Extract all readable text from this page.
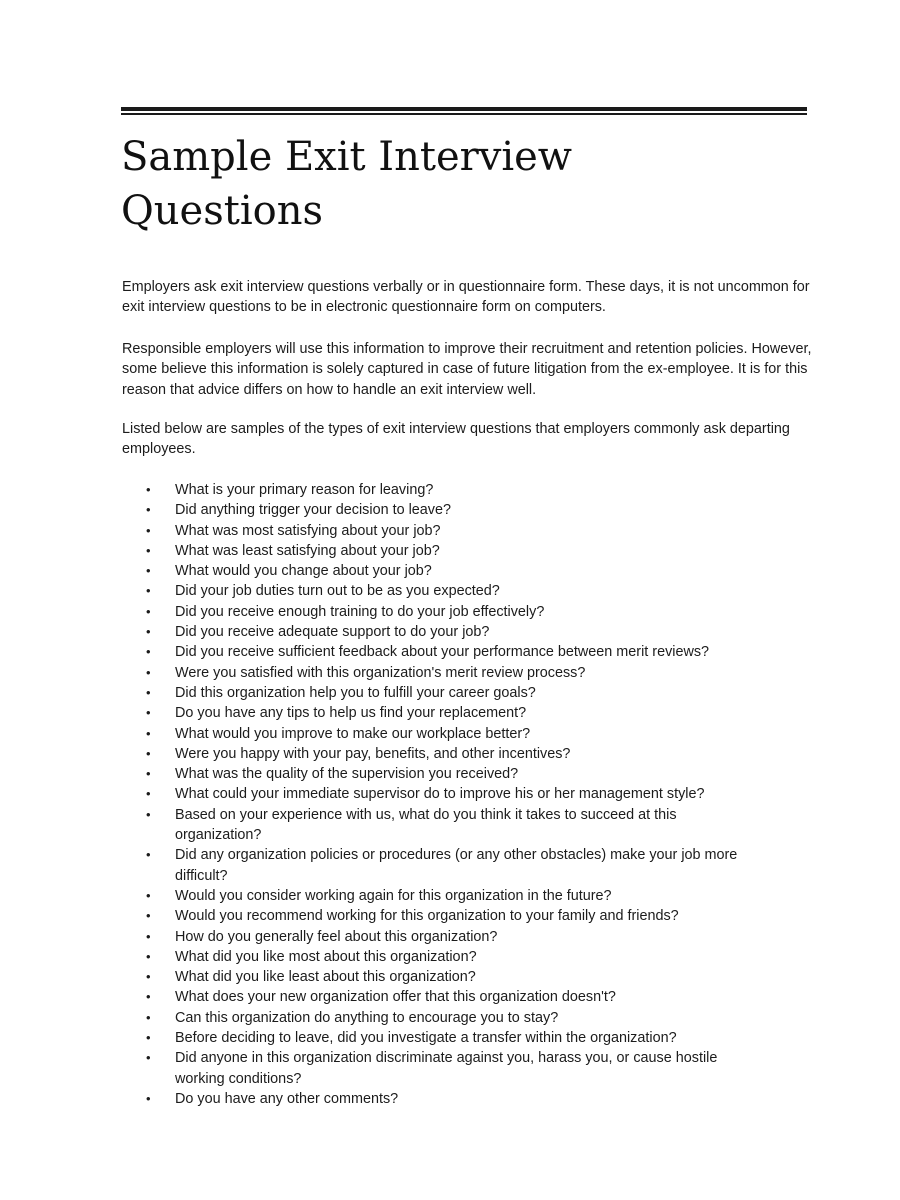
Sample Exit Interview
Questions

Employers ask exit interview questions verbally or in questionnaire form. These days, it is not uncommon for exit interview questions to be in electronic questionnaire form on computers.

Responsible employers will use this information to improve their recruitment and retention policies. However, some believe this information is solely captured in case of future litigation from the ex-employee. It is for this reason that advice differs on how to handle an exit interview well.

Listed below are samples of the types of exit interview questions that employers commonly ask departing employees.

• What is your primary reason for leaving?
• Did anything trigger your decision to leave?
• What was most satisfying about your job?
• What was least satisfying about your job?
• What would you change about your job?
• Did your job duties turn out to be as you expected?
• Did you receive enough training to do your job effectively?
• Did you receive adequate support to do your job?
• Did you receive sufficient feedback about your performance between merit reviews?
• Were you satisfied with this organization's merit review process?
• Did this organization help you to fulfill your career goals?
• Do you have any tips to help us find your replacement?
• What would you improve to make our workplace better?
• Were you happy with your pay, benefits, and other incentives?
• What was the quality of the supervision you received?
• What could your immediate supervisor do to improve his or her management style?
• Based on your experience with us, what do you think it takes to succeed at this organization?
• Did any organization policies or procedures (or any other obstacles) make your job more difficult?
• Would you consider working again for this organization in the future?
• Would you recommend working for this organization to your family and friends?
• How do you generally feel about this organization?
• What did you like most about this organization?
• What did you like least about this organization?
• What does your new organization offer that this organization doesn't?
• Can this organization do anything to encourage you to stay?
• Before deciding to leave, did you investigate a transfer within the organization?
• Did anyone in this organization discriminate against you, harass you, or cause hostile working conditions?
• Do you have any other comments?
